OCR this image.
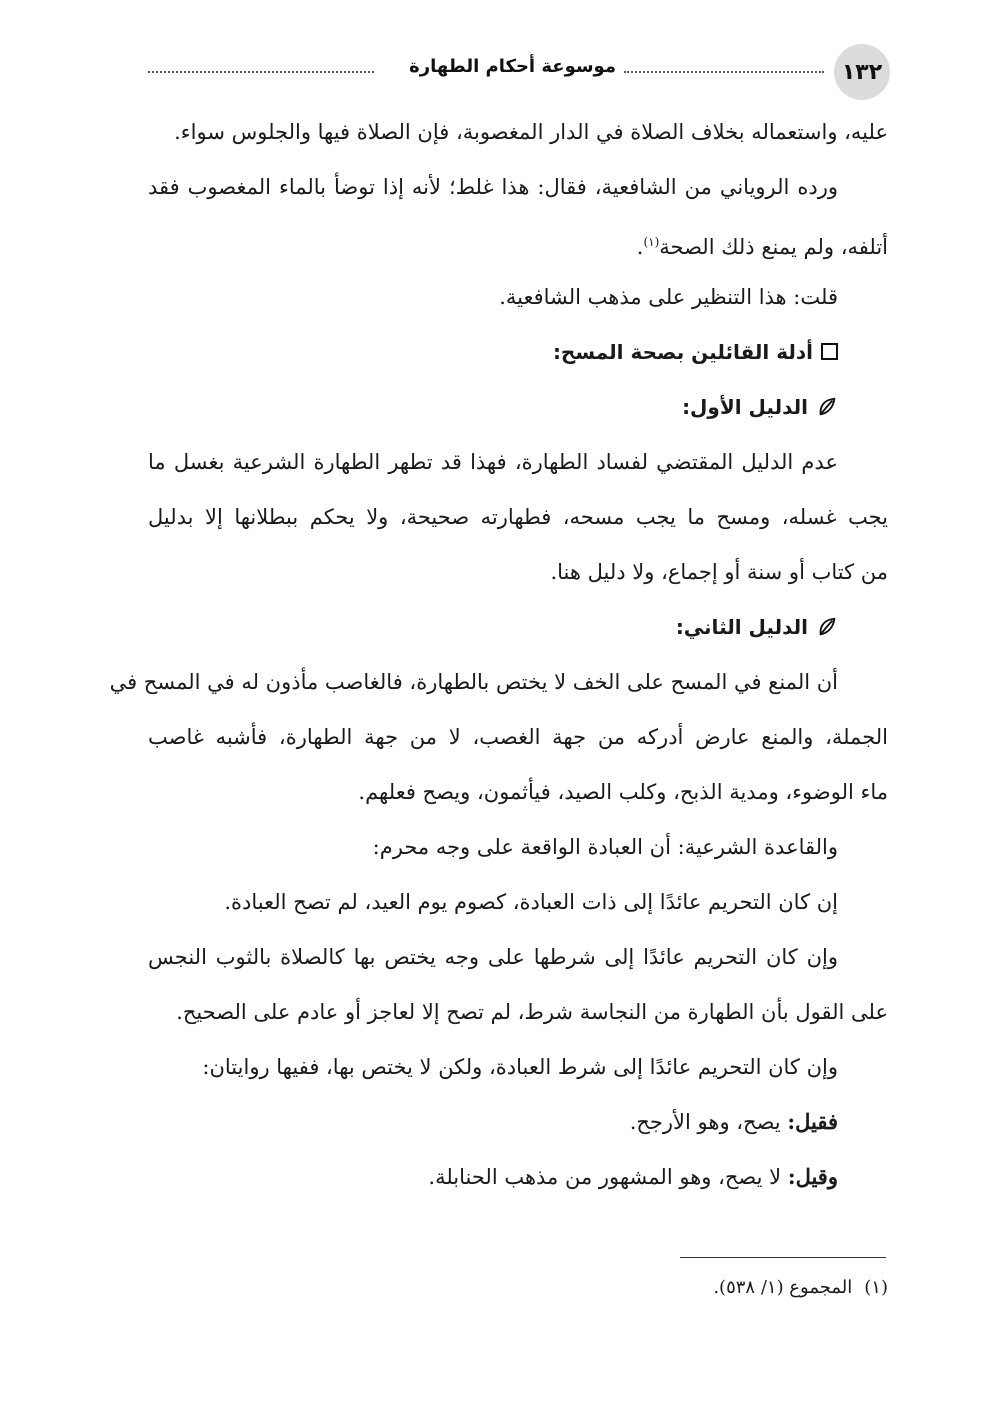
١٣٢
موسوعة أحكام الطهارة
عليه، واستعماله بخلاف الصلاة في الدار المغصوبة، فإن الصلاة فيها والجلوس سواء.
ورده الروياني من الشافعية، فقال: هذا غلط؛ لأنه إذا توضأ بالماء المغصوب فقد
أتلفه، ولم يمنع ذلك الصحة$^{(١)}$.
قلت: هذا التنظير على مذهب الشافعية.
أدلة القائلين بصحة المسح:
الدليل الأول:
عدم الدليل المقتضي لفساد الطهارة، فهذا قد تطهر الطهارة الشرعية بغسل ما
يجب غسله، ومسح ما يجب مسحه، فطهارته صحيحة، ولا يحكم ببطلانها إلا بدليل
من كتاب أو سنة أو إجماع، ولا دليل هنا.
الدليل الثاني:
أن المنع في المسح على الخف لا يختص بالطهارة، فالغاصب مأذون له في المسح في
الجملة، والمنع عارض أدركه من جهة الغصب، لا من جهة الطهارة، فأشبه غاصب
ماء الوضوء، ومدية الذبح، وكلب الصيد، فيأثمون، ويصح فعلهم.
والقاعدة الشرعية: أن العبادة الواقعة على وجه محرم:
إن كان التحريم عائدًا إلى ذات العبادة، كصوم يوم العيد، لم تصح العبادة.
وإن كان التحريم عائدًا إلى شرطها على وجه يختص بها كالصلاة بالثوب النجس
على القول بأن الطهارة من النجاسة شرط، لم تصح إلا لعاجز أو عادم على الصحيح.
وإن كان التحريم عائدًا إلى شرط العبادة، ولكن لا يختص بها، ففيها روايتان:
فقيل: يصح، وهو الأرجح.
وقيل: لا يصح، وهو المشهور من مذهب الحنابلة.
(١)المجموع (١/ ٥٣٨).
